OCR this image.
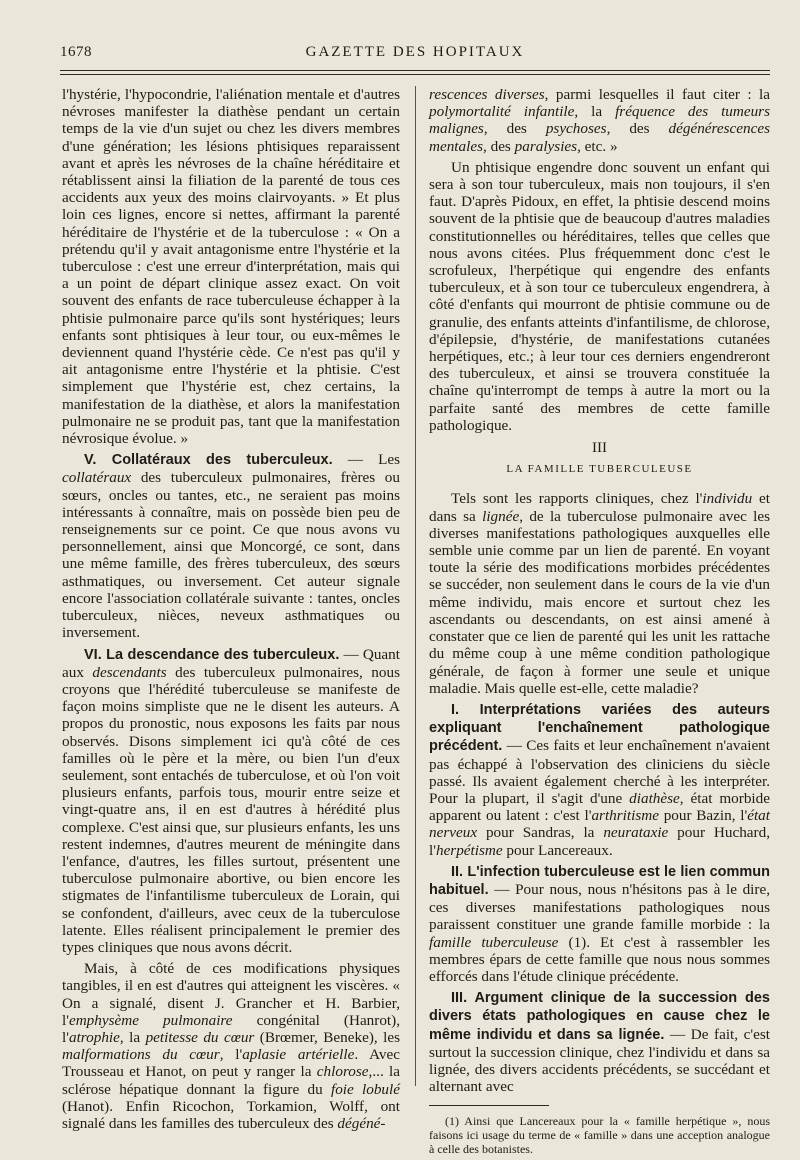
1678	GAZETTE DES HOPITAUX

l'hystérie, l'hypocondrie, l'aliénation mentale et d'autres névroses manifester la diathèse pendant un certain temps de la vie d'un sujet ou chez les divers membres d'une génération; les lésions phtisiques reparaissent avant et après les névroses de la chaîne héréditaire et rétablissent ainsi la filiation de la parenté de tous ces accidents aux yeux des moins clairvoyants. » Et plus loin ces lignes, encore si nettes, affirmant la parenté héréditaire de l'hystérie et de la tuberculose : « On a prétendu qu'il y avait antagonisme entre l'hystérie et la tuberculose : c'est une erreur d'interprétation, mais qui a un point de départ clinique assez exact. On voit souvent des enfants de race tuberculeuse échapper à la phtisie pulmonaire parce qu'ils sont hystériques; leurs enfants sont phtisiques à leur tour, ou eux-mêmes le deviennent quand l'hystérie cède. Ce n'est pas qu'il y ait antagonisme entre l'hystérie et la phtisie. C'est simplement que l'hystérie est, chez certains, la manifestation de la diathèse, et alors la manifestation pulmonaire ne se produit pas, tant que la manifestation névrosique évolue. »

V. Collatéraux des tuberculeux. — Les collatéraux des tuberculeux pulmonaires, frères ou sœurs, oncles ou tantes, etc., ne seraient pas moins intéressants à connaître, mais on possède bien peu de renseignements sur ce point. Ce que nous avons vu personnellement, ainsi que Moncorgé, ce sont, dans une même famille, des frères tuberculeux, des sœurs asthmatiques, ou inversement. Cet auteur signale encore l'association collatérale suivante : tantes, oncles tuberculeux, nièces, neveux asthmatiques ou inversement.

VI. La descendance des tuberculeux. — Quant aux descendants des tuberculeux pulmonaires, nous croyons que l'hérédité tuberculeuse se manifeste de façon moins simpliste que ne le disent les auteurs. A propos du pronostic, nous exposons les faits par nous observés. Disons simplement ici qu'à côté de ces familles où le père et la mère, ou bien l'un d'eux seulement, sont entachés de tuberculose, et où l'on voit plusieurs enfants, parfois tous, mourir entre seize et vingt-quatre ans, il en est d'autres à hérédité plus complexe. C'est ainsi que, sur plusieurs enfants, les uns restent indemnes, d'autres meurent de méningite dans l'enfance, d'autres, les filles surtout, présentent une tuberculose pulmonaire abortive, ou bien encore les stigmates de l'infantilisme tuberculeux de Lorain, qui se confondent, d'ailleurs, avec ceux de la tuberculose latente. Elles réalisent principalement le premier des types cliniques que nous avons décrit.

Mais, à côté de ces modifications physiques tangibles, il en est d'autres qui atteignent les viscères. « On a signalé, disent J. Grancher et H. Barbier, l'emphysème pulmonaire congénital (Hanrot), l'atrophie, la petitesse du cœur (Brœmer, Beneke), les malformations du cœur, l'aplasie artérielle. Avec Trousseau et Hanot, on peut y ranger la chlorose,... la sclérose hépatique donnant la figure du foie lobulé (Hanot). Enfin Ricochon, Torkamion, Wolff, ont signalé dans les familles des tuberculeux des dégéné-

rescences diverses, parmi lesquelles il faut citer : la polymortalité infantile, la fréquence des tumeurs malignes, des psychoses, des dégénérescences mentales, des paralysies, etc. »

Un phtisique engendre donc souvent un enfant qui sera à son tour tuberculeux, mais non toujours, il s'en faut. D'après Pidoux, en effet, la phtisie descend moins souvent de la phtisie que de beaucoup d'autres maladies constitutionnelles ou héréditaires, telles que celles que nous avons citées. Plus fréquemment donc c'est le scrofuleux, l'herpétique qui engendre des enfants tuberculeux, et à son tour ce tuberculeux engendrera, à côté d'enfants qui mourront de phtisie commune ou de granulie, des enfants atteints d'infantilisme, de chlorose, d'épilepsie, d'hystérie, de manifestations cutanées herpétiques, etc.; à leur tour ces derniers engendreront des tuberculeux, et ainsi se trouvera constituée la chaîne qu'interrompt de temps à autre la mort ou la parfaite santé des membres de cette famille pathologique.

III

LA FAMILLE TUBERCULEUSE

Tels sont les rapports cliniques, chez l'individu et dans sa lignée, de la tuberculose pulmonaire avec les diverses manifestations pathologiques auxquelles elle semble unie comme par un lien de parenté. En voyant toute la série des modifications morbides précédentes se succéder, non seulement dans le cours de la vie d'un même individu, mais encore et surtout chez les ascendants ou descendants, on est ainsi amené à constater que ce lien de parenté qui les unit les rattache du même coup à une même condition pathologique générale, de façon à former une seule et unique maladie. Mais quelle est-elle, cette maladie?

I. Interprétations variées des auteurs expliquant l'enchaînement pathologique précédent. — Ces faits et leur enchaînement n'avaient pas échappé à l'observation des cliniciens du siècle passé. Ils avaient également cherché à les interpréter. Pour la plupart, il s'agit d'une diathèse, état morbide apparent ou latent : c'est l'arthritisme pour Bazin, l'état nerveux pour Sandras, la neurataxie pour Huchard, l'herpétisme pour Lancereaux.

II. L'infection tuberculeuse est le lien commun habituel. — Pour nous, nous n'hésitons pas à le dire, ces diverses manifestations pathologiques nous paraissent constituer une grande famille morbide : la famille tuberculeuse (1). Et c'est à rassembler les membres épars de cette famille que nous nous sommes efforcés dans l'étude clinique précédente.

III. Argument clinique de la succession des divers états pathologiques en cause chez le même individu et dans sa lignée. — De fait, c'est surtout la succession clinique, chez l'individu et dans sa lignée, des divers accidents précédents, se succédant et alternant avec

(1) Ainsi que Lancereaux pour la « famille herpétique », nous faisons ici usage du terme de « famille » dans une acception analogue à celle des botanistes.
